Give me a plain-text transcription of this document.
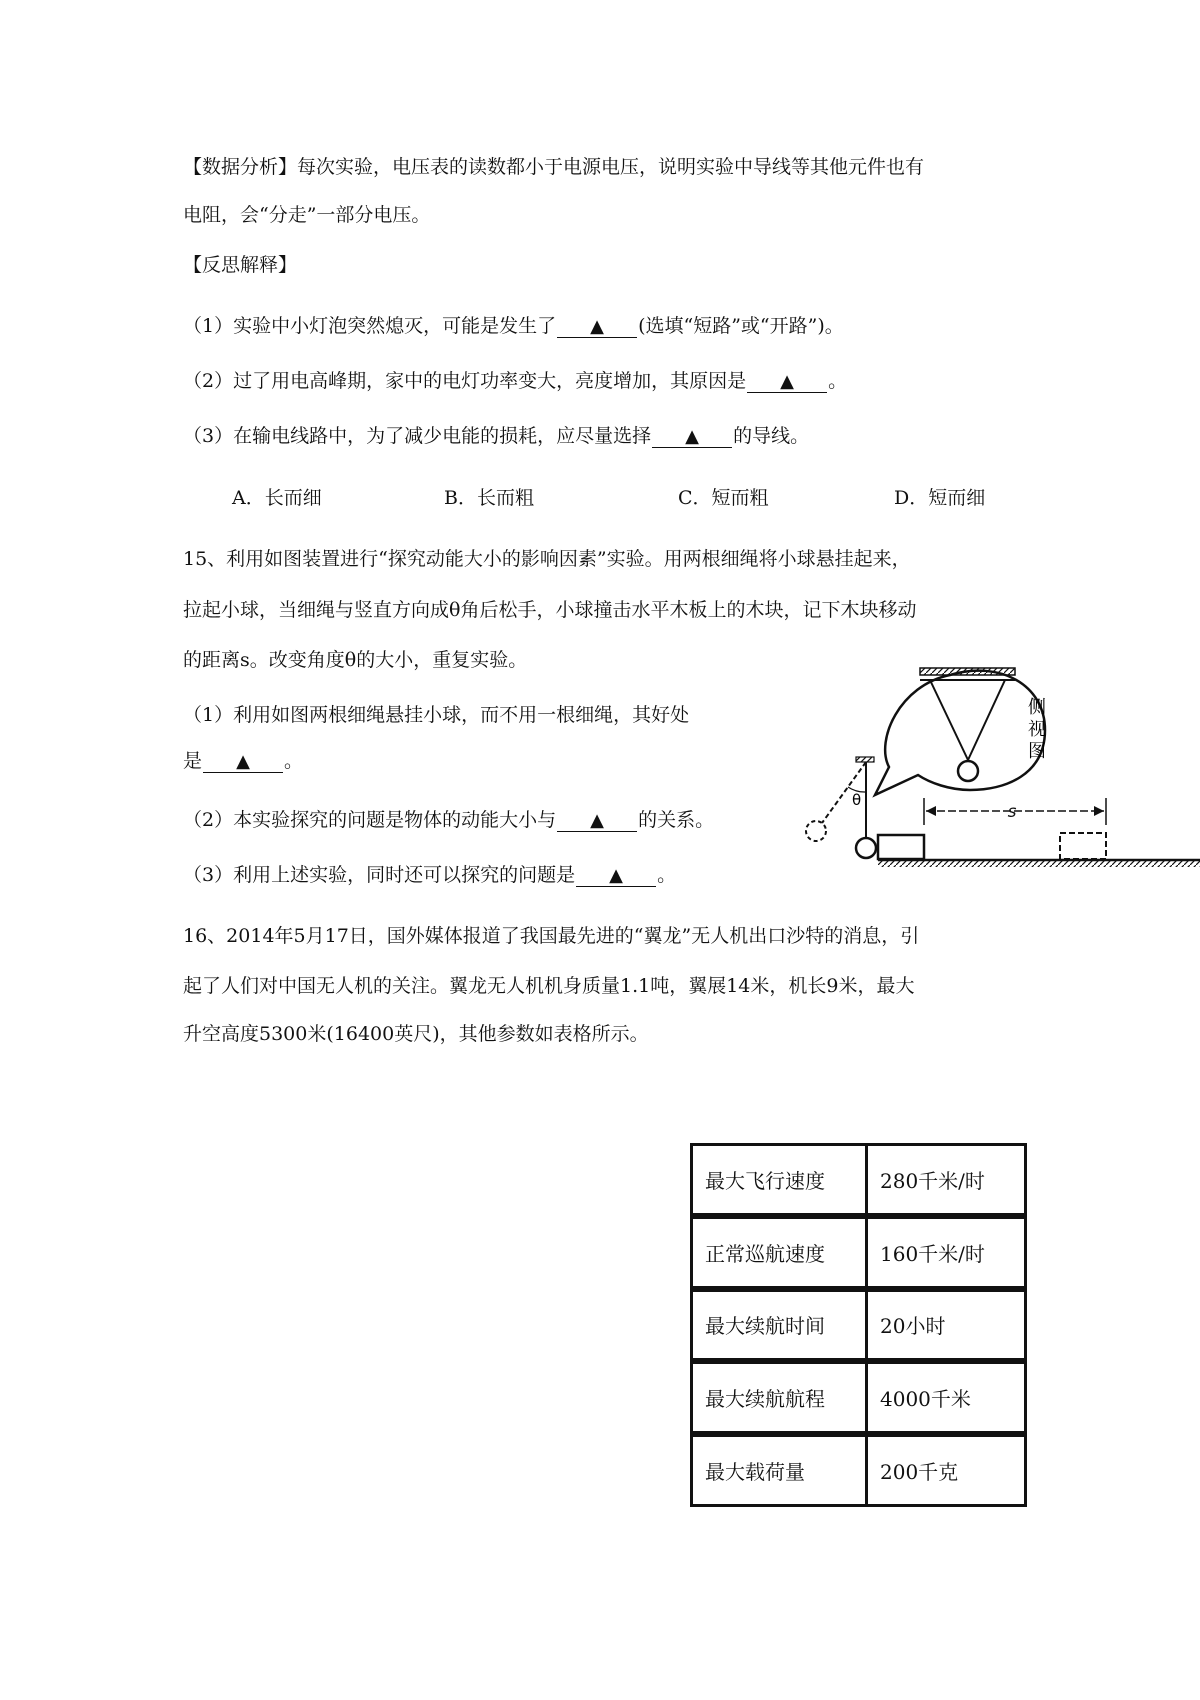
【数据分析】每次实验，电压表的读数都小于电源电压，说明实验中导线等其他元件也有
电阻，会“分走”一部分电压。
【反思解释】
（1）实验中小灯泡突然熄灭，可能是发生了 ▲ (选填“短路”或“开路”)。
（2）过了用电高峰期，家中的电灯功率变大，亮度增加，其原因是 ▲ 。
（3）在输电线路中，为了减少电能的损耗，应尽量选择 ▲ 的导线。
A．长而细	B．长而粗	C．短而粗	D．短而细
15、利用如图装置进行“探究动能大小的影响因素”实验。用两根细绳将小球悬挂起来，
拉起小球，当细绳与竖直方向成θ角后松手，小球撞击水平木板上的木块，记下木块移动
的距离s。改变角度θ的大小，重复实验。
（1）利用如图两根细绳悬挂小球，而不用一根细绳，其好处
是 ▲ 。
（2）本实验探究的问题是物体的动能大小与 ▲ 的关系。
（3）利用上述实验，同时还可以探究的问题是 ▲ 。
侧
视
图
θ
s
16、2014年5月17日，国外媒体报道了我国最先进的“翼龙”无人机出口沙特的消息，引
起了人们对中国无人机的关注。翼龙无人机机身质量1.1吨，翼展14米，机长9米，最大
升空高度5300米(16400英尺)，其他参数如表格所示。
最大飞行速度	280千米/时
正常巡航速度	160千米/时
最大续航时间	20小时
最大续航航程	4000千米
最大载荷量	200千克
